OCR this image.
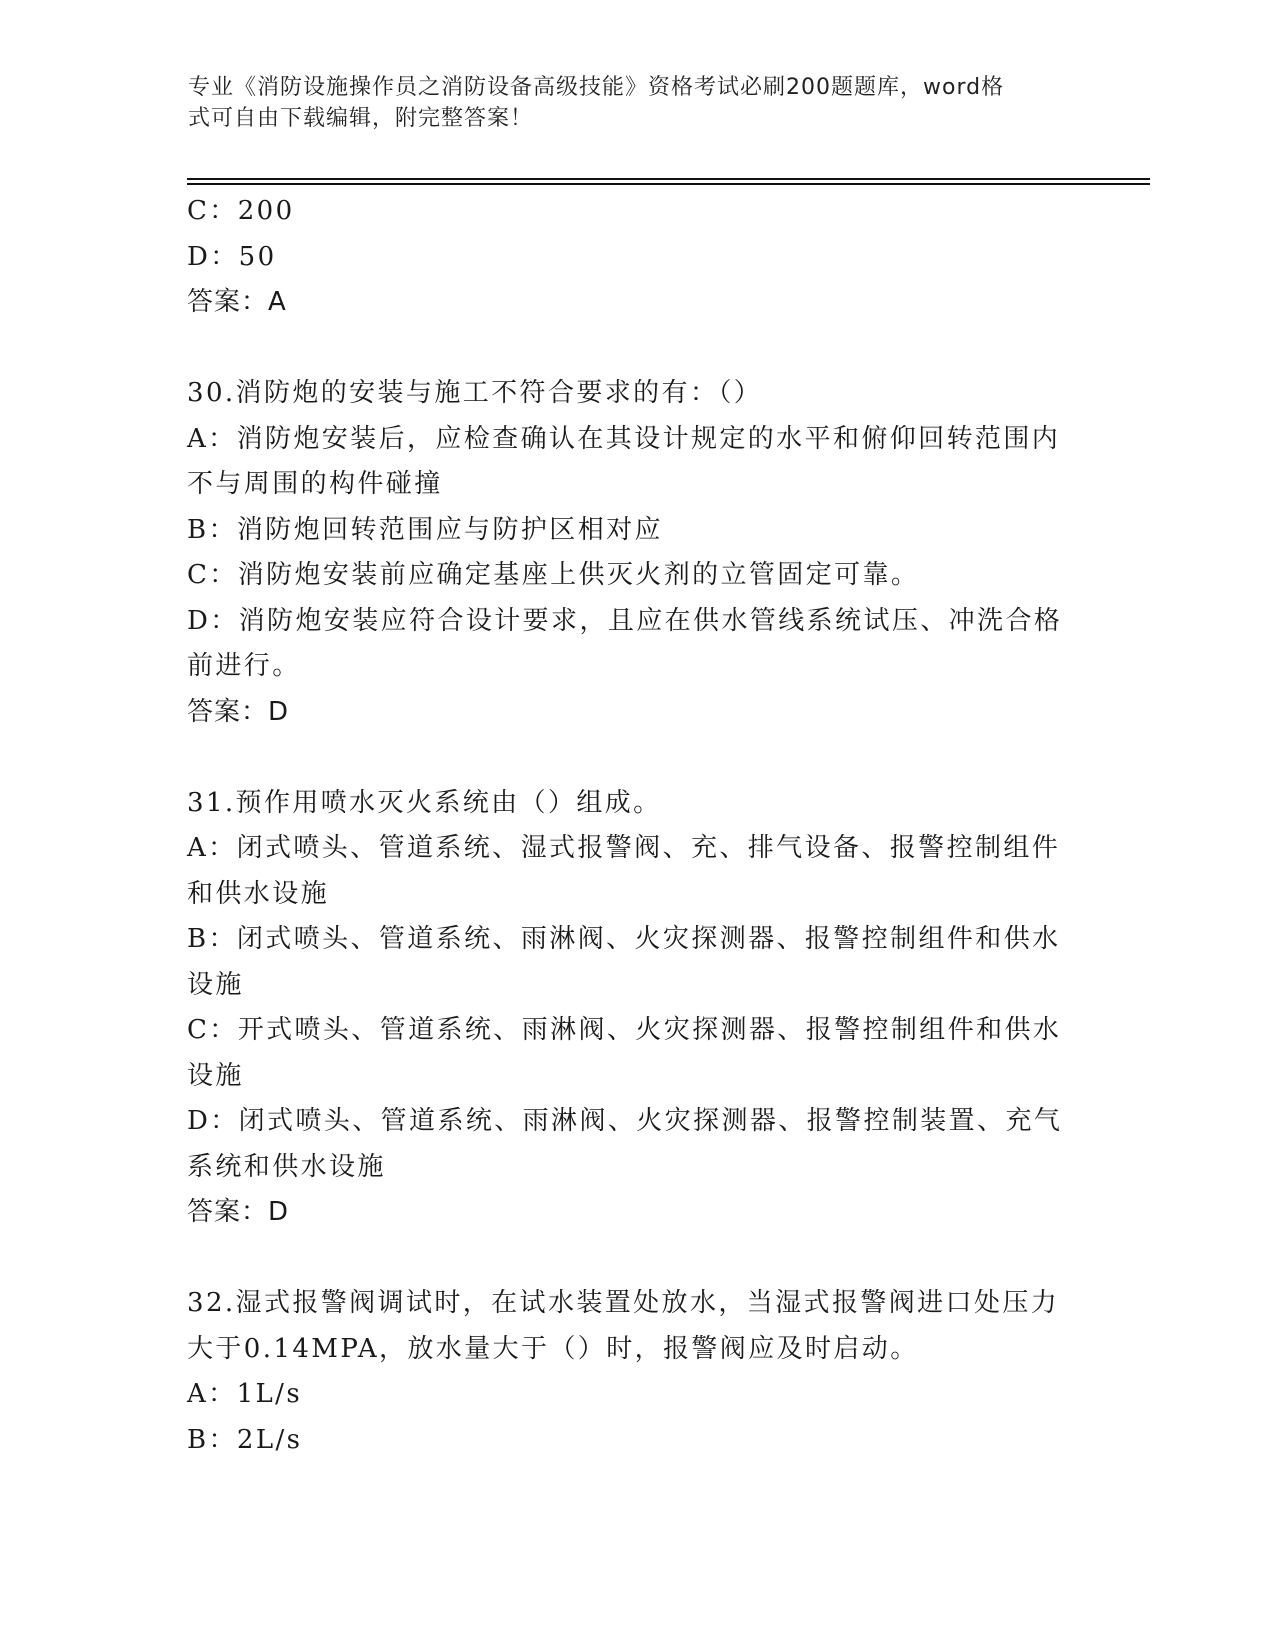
专业《消防设施操作员之消防设备高级技能》资格考试必刷200题题库，word格
式可自由下载编辑，附完整答案！
C：200
D：50
答案：A
30.消防炮的安装与施工不符合要求的有：（）
A：消防炮安装后，应检查确认在其设计规定的水平和俯仰回转范围内
不与周围的构件碰撞
B：消防炮回转范围应与防护区相对应
C：消防炮安装前应确定基座上供灭火剂的立管固定可靠。
D：消防炮安装应符合设计要求，且应在供水管线系统试压、冲洗合格
前进行。
答案：D
31.预作用喷水灭火系统由（）组成。
A：闭式喷头、管道系统、湿式报警阀、充、排气设备、报警控制组件
和供水设施
B：闭式喷头、管道系统、雨淋阀、火灾探测器、报警控制组件和供水
设施
C：开式喷头、管道系统、雨淋阀、火灾探测器、报警控制组件和供水
设施
D：闭式喷头、管道系统、雨淋阀、火灾探测器、报警控制装置、充气
系统和供水设施
答案：D
32.湿式报警阀调试时，在试水装置处放水，当湿式报警阀进口处压力
大于0.14MPA，放水量大于（）时，报警阀应及时启动。
A：1L/s
B：2L/s
